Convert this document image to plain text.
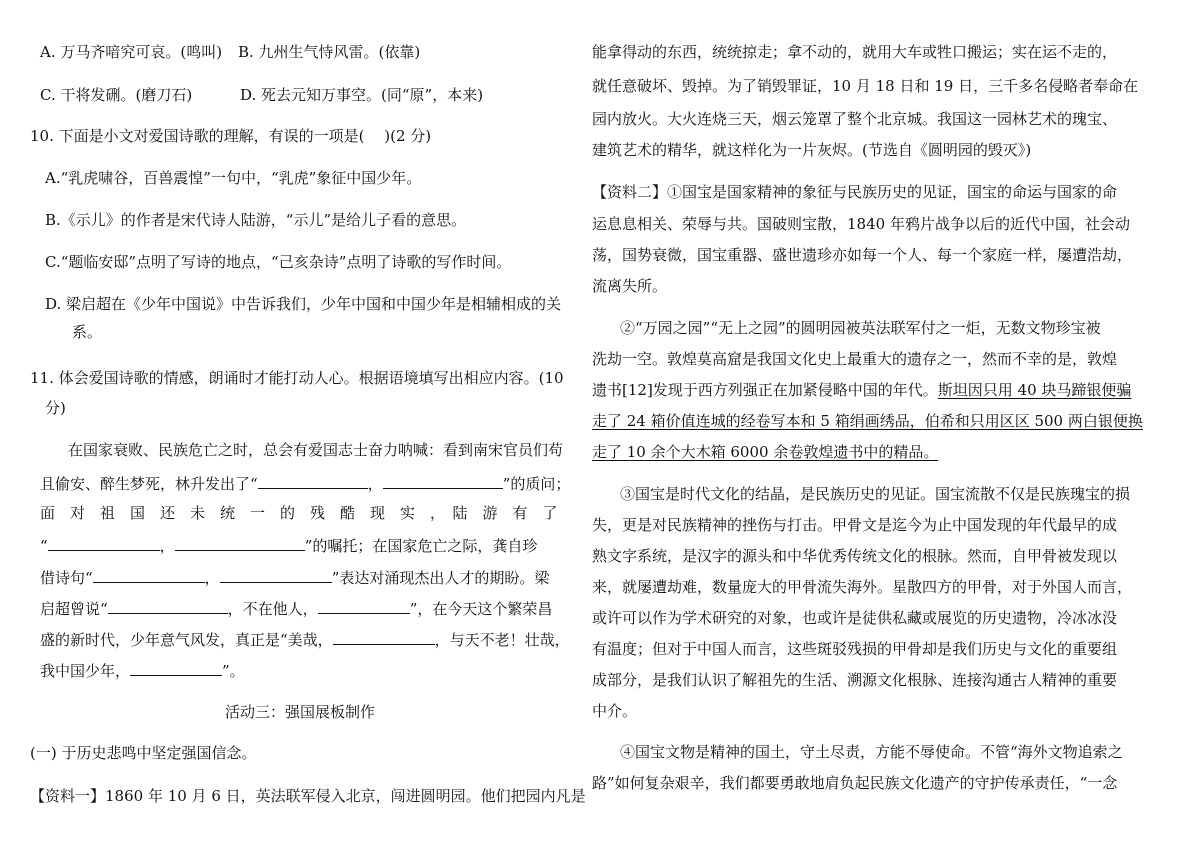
A. 万马齐喑究可哀。(鸣叫) B. 九州生气恃风雷。(依靠)
C. 干将发硎。(磨刀石)	D. 死去元知万事空。(同“原”，本来)
10. 下面是小文对爱国诗歌的理解，有误的一项是(　 )(2 分)
A.“乳虎啸谷，百兽震惶”一句中，“乳虎”象征中国少年。
B.《示儿》的作者是宋代诗人陆游，“示儿”是给儿子看的意思。
C.“题临安邸”点明了写诗的地点，“己亥杂诗”点明了诗歌的写作时间。
D. 梁启超在《少年中国说》中告诉我们，少年中国和中国少年是相辅相成的关
系。
11. 体会爱国诗歌的情感，朗诵时才能打动人心。根据语境填写出相应内容。(10
分)
在国家衰败、民族危亡之时，总会有爱国志士奋力呐喊：看到南宋官员们苟
且偷安、醉生梦死，林升发出了“	，	”的质问；
面　对　祖　国　还　未　统　一　的　残　酷　现　实　，　陆　游　有　了
“	，	”的嘱托；在国家危亡之际，龚自珍
借诗句“	，	”表达对涌现杰出人才的期盼。梁
启超曾说“	，不在他人，	”，在今天这个繁荣昌
盛的新时代，少年意气风发，真正是“美哉，	，与天不老！壮哉，
我中国少年，	”。
活动三：强国展板制作
(一) 于历史悲鸣中坚定强国信念。
【资料一】1860 年 10 月 6 日，英法联军侵入北京，闯进圆明园。他们把园内凡是
能拿得动的东西，统统掠走；拿不动的，就用大车或牲口搬运；实在运不走的，
就任意破坏、毁掉。为了销毁罪证，10 月 18 日和 19 日，三千多名侵略者奉命在
园内放火。大火连烧三天，烟云笼罩了整个北京城。我国这一园林艺术的瑰宝、
建筑艺术的精华，就这样化为一片灰烬。(节选自《圆明园的毁灭》)
【资料二】①国宝是国家精神的象征与民族历史的见证，国宝的命运与国家的命
运息息相关、荣辱与共。国破则宝散，1840 年鸦片战争以后的近代中国，社会动
荡，国势衰微，国宝重器、盛世遗珍亦如每一个人、每一个家庭一样，屡遭浩劫，
流离失所。
②“万园之园”“无上之园”的圆明园被英法联军付之一炬，无数文物珍宝被
洗劫一空。敦煌莫高窟是我国文化史上最重大的遗存之一，然而不幸的是，敦煌
遗书[12]发现于西方列强正在加紧侵略中国的年代。斯坦因只用 40 块马蹄银便骗
走了 24 箱价值连城的经卷写本和 5 箱绢画绣品，伯希和只用区区 500 两白银便换
走了 10 余个大木箱 6000 余卷敦煌遗书中的精品。
③国宝是时代文化的结晶，是民族历史的见证。国宝流散不仅是民族瑰宝的损
失，更是对民族精神的挫伤与打击。甲骨文是迄今为止中国发现的年代最早的成
熟文字系统，是汉字的源头和中华优秀传统文化的根脉。然而，自甲骨被发现以
来，就屡遭劫难，数量庞大的甲骨流失海外。星散四方的甲骨，对于外国人而言，
或许可以作为学术研究的对象，也或许是徒供私藏或展览的历史遗物，冷冰冰没
有温度；但对于中国人而言，这些斑驳残损的甲骨却是我们历史与文化的重要组
成部分，是我们认识了解祖先的生活、溯源文化根脉、连接沟通古人精神的重要
中介。
④国宝文物是精神的国土，守土尽责，方能不辱使命。不管“海外文物追索之
路”如何复杂艰辛，我们都要勇敢地肩负起民族文化遗产的守护传承责任，“一念
